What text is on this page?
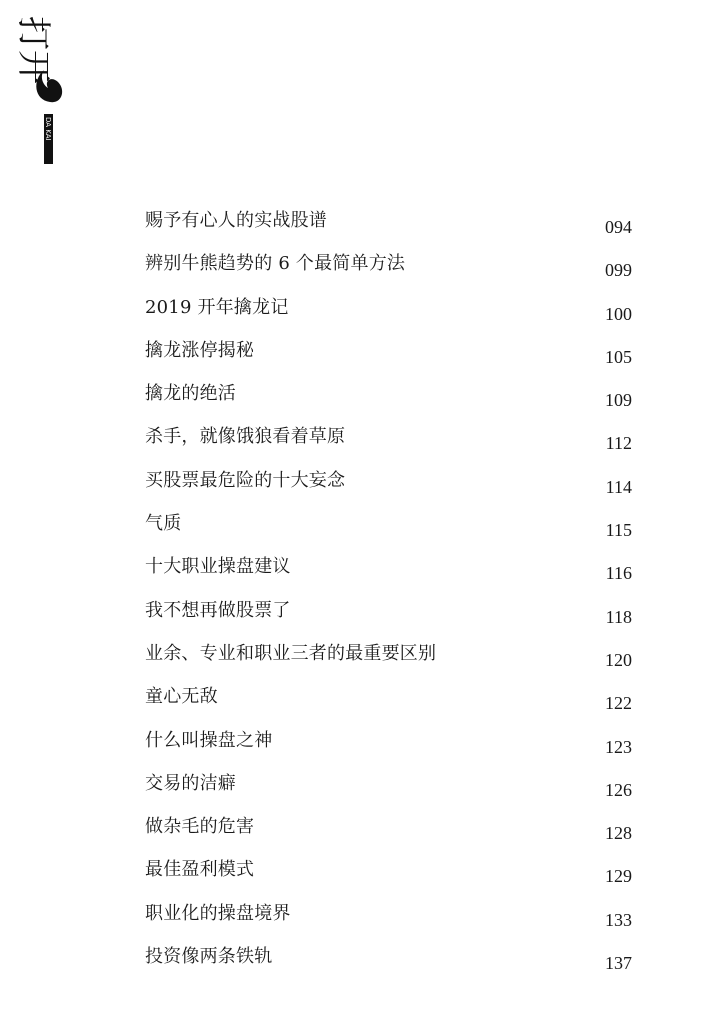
打开
DA KAI
赐予有心人的实战股谱	094
辨别牛熊趋势的 6 个最简单方法	099
2019 开年擒龙记	100
擒龙涨停揭秘	105
擒龙的绝活	109
杀手，就像饿狼看着草原	112
买股票最危险的十大妄念	114
气质	115
十大职业操盘建议	116
我不想再做股票了	118
业余、专业和职业三者的最重要区别	120
童心无敌	122
什么叫操盘之神	123
交易的洁癖	126
做杂毛的危害	128
最佳盈利模式	129
职业化的操盘境界	133
投资像两条铁轨	137
